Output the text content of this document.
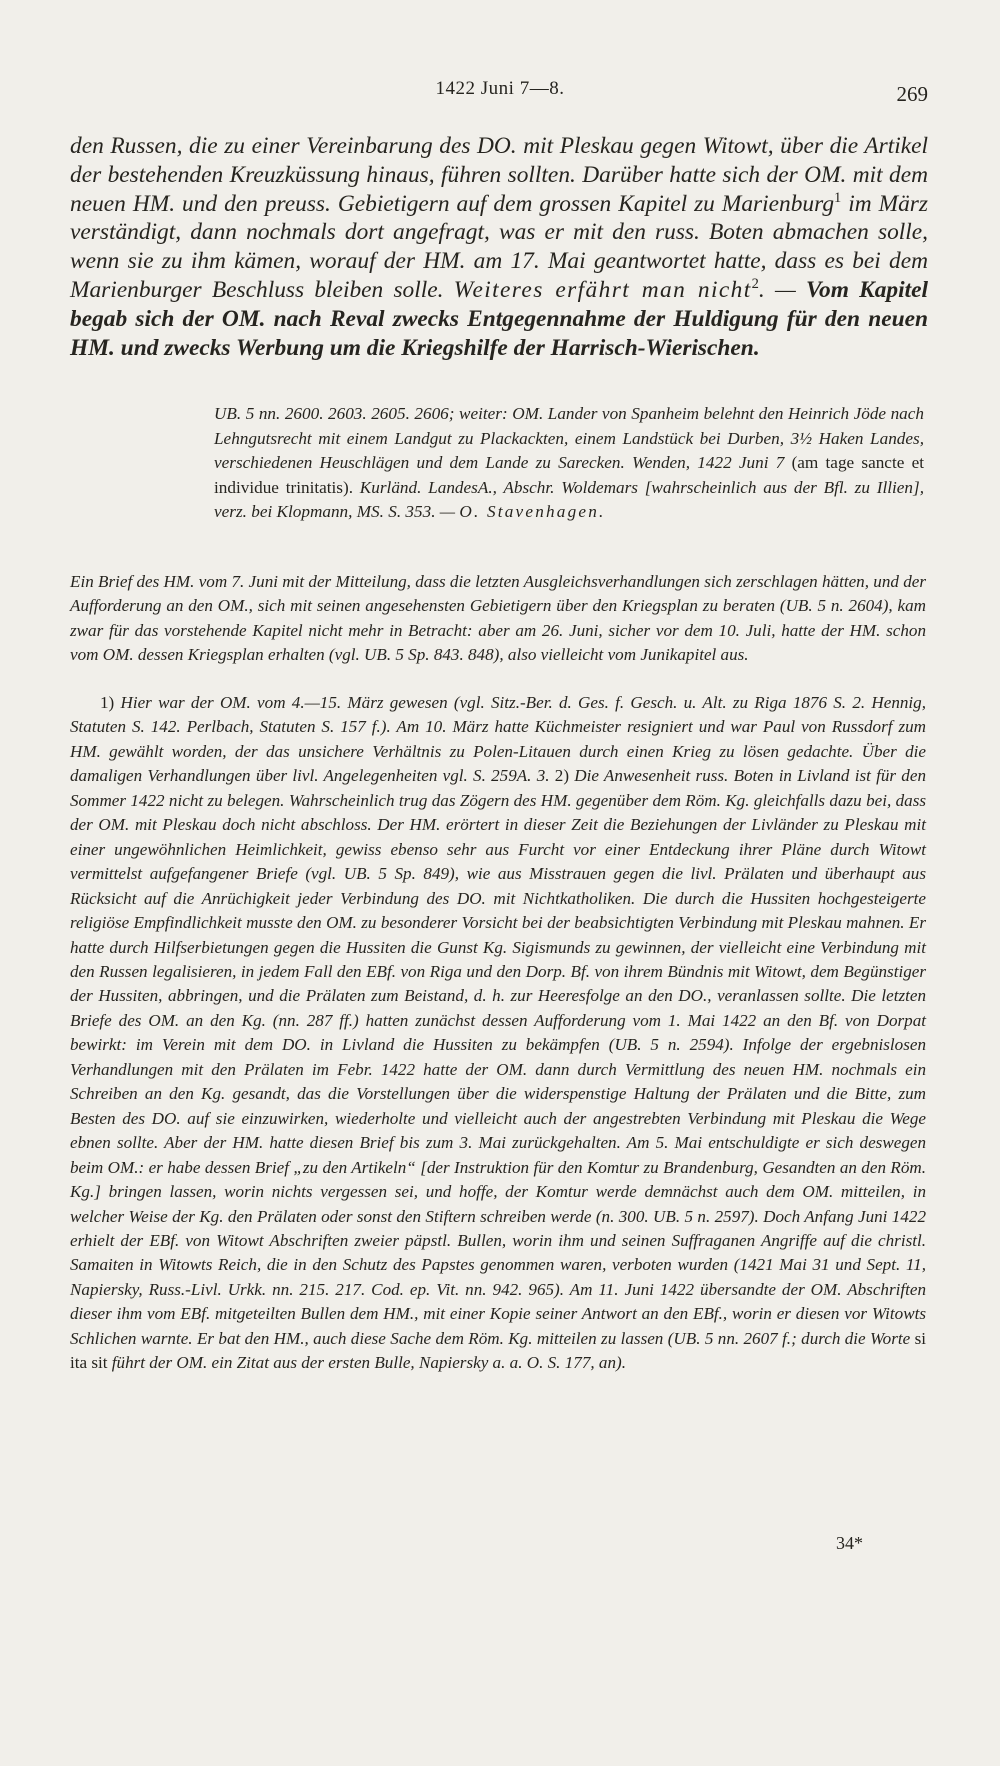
1422 Juni 7—8.	269

den Russen, die zu einer Vereinbarung des DO. mit Pleskau gegen Witowt, über die Artikel der bestehenden Kreuzküssung hinaus, führen sollten. Darüber hatte sich der OM. mit dem neuen HM. und den preuss. Gebietigern auf dem grossen Kapitel zu Marienburg$^1$ im März verständigt, dann nochmals dort angefragt, was er mit den russ. Boten abmachen solle, wenn sie zu ihm kämen, worauf der HM. am 17. Mai geantwortet hatte, dass es bei dem Marienburger Beschluss bleiben solle. Weiteres erfährt man nicht$^2$. — Vom Kapitel begab sich der OM. nach Reval zwecks Entgegennahme der Huldigung für den neuen HM. und zwecks Werbung um die Kriegshilfe der Harrisch-Wierischen.

UB. 5 nn. 2600. 2603. 2605. 2606; weiter: OM. Lander von Spanheim belehnt den Heinrich Jöde nach Lehngutsrecht mit einem Landgut zu Plackackten, einem Landstück bei Durben, 3½ Haken Landes, verschiedenen Heuschlägen und dem Lande zu Sarecken. Wenden, 1422 Juni 7 (am tage sancte et individue trinitatis). Kurländ. LandesA., Abschr. Woldemars [wahrscheinlich aus der Bfl. zu Illien], verz. bei Klopmann, MS. S. 353. — O. Stavenhagen.

Ein Brief des HM. vom 7. Juni mit der Mitteilung, dass die letzten Ausgleichsverhandlungen sich zerschlagen hätten, und der Aufforderung an den OM., sich mit seinen angesehensten Gebietigern über den Kriegsplan zu beraten (UB. 5 n. 2604), kam zwar für das vorstehende Kapitel nicht mehr in Betracht: aber am 26. Juni, sicher vor dem 10. Juli, hatte der HM. schon vom OM. dessen Kriegsplan erhalten (vgl. UB. 5 Sp. 843. 848), also vielleicht vom Junikapitel aus.

1) Hier war der OM. vom 4.—15. März gewesen (vgl. Sitz.-Ber. d. Ges. f. Gesch. u. Alt. zu Riga 1876 S. 2. Hennig, Statuten S. 142. Perlbach, Statuten S. 157 f.). Am 10. März hatte Küchmeister resigniert und war Paul von Russdorf zum HM. gewählt worden, der das unsichere Verhältnis zu Polen-Litauen durch einen Krieg zu lösen gedachte. Über die damaligen Verhandlungen über livl. Angelegenheiten vgl. S. 259A. 3. 2) Die Anwesenheit russ. Boten in Livland ist für den Sommer 1422 nicht zu belegen. Wahrscheinlich trug das Zögern des HM. gegenüber dem Röm. Kg. gleichfalls dazu bei, dass der OM. mit Pleskau doch nicht abschloss. Der HM. erörtert in dieser Zeit die Beziehungen der Livländer zu Pleskau mit einer ungewöhnlichen Heimlichkeit, gewiss ebenso sehr aus Furcht vor einer Entdeckung ihrer Pläne durch Witowt vermittelst aufgefangener Briefe (vgl. UB. 5 Sp. 849), wie aus Misstrauen gegen die livl. Prälaten und überhaupt aus Rücksicht auf die Anrüchigkeit jeder Verbindung des DO. mit Nichtkatholiken. Die durch die Hussiten hochgesteigerte religiöse Empfindlichkeit musste den OM. zu besonderer Vorsicht bei der beabsichtigten Verbindung mit Pleskau mahnen. Er hatte durch Hilfserbietungen gegen die Hussiten die Gunst Kg. Sigismunds zu gewinnen, der vielleicht eine Verbindung mit den Russen legalisieren, in jedem Fall den EBf. von Riga und den Dorp. Bf. von ihrem Bündnis mit Witowt, dem Begünstiger der Hussiten, abbringen, und die Prälaten zum Beistand, d. h. zur Heeresfolge an den DO., veranlassen sollte. Die letzten Briefe des OM. an den Kg. (nn. 287 ff.) hatten zunächst dessen Aufforderung vom 1. Mai 1422 an den Bf. von Dorpat bewirkt: im Verein mit dem DO. in Livland die Hussiten zu bekämpfen (UB. 5 n. 2594). Infolge der ergebnislosen Verhandlungen mit den Prälaten im Febr. 1422 hatte der OM. dann durch Vermittlung des neuen HM. nochmals ein Schreiben an den Kg. gesandt, das die Vorstellungen über die widerspenstige Haltung der Prälaten und die Bitte, zum Besten des DO. auf sie einzuwirken, wiederholte und vielleicht auch der angestrebten Verbindung mit Pleskau die Wege ebnen sollte. Aber der HM. hatte diesen Brief bis zum 3. Mai zurückgehalten. Am 5. Mai entschuldigte er sich deswegen beim OM.: er habe dessen Brief „zu den Artikeln“ [der Instruktion für den Komtur zu Brandenburg, Gesandten an den Röm. Kg.] bringen lassen, worin nichts vergessen sei, und hoffe, der Komtur werde demnächst auch dem OM. mitteilen, in welcher Weise der Kg. den Prälaten oder sonst den Stiftern schreiben werde (n. 300. UB. 5 n. 2597). Doch Anfang Juni 1422 erhielt der EBf. von Witowt Abschriften zweier päpstl. Bullen, worin ihm und seinen Suffraganen Angriffe auf die christl. Samaiten in Witowts Reich, die in den Schutz des Papstes genommen waren, verboten wurden (1421 Mai 31 und Sept. 11, Napiersky, Russ.-Livl. Urkk. nn. 215. 217. Cod. ep. Vit. nn. 942. 965). Am 11. Juni 1422 übersandte der OM. Abschriften dieser ihm vom EBf. mitgeteilten Bullen dem HM., mit einer Kopie seiner Antwort an den EBf., worin er diesen vor Witowts Schlichen warnte. Er bat den HM., auch diese Sache dem Röm. Kg. mitteilen zu lassen (UB. 5 nn. 2607 f.; durch die Worte si ita sit führt der OM. ein Zitat aus der ersten Bulle, Napiersky a. a. O. S. 177, an).

34*
